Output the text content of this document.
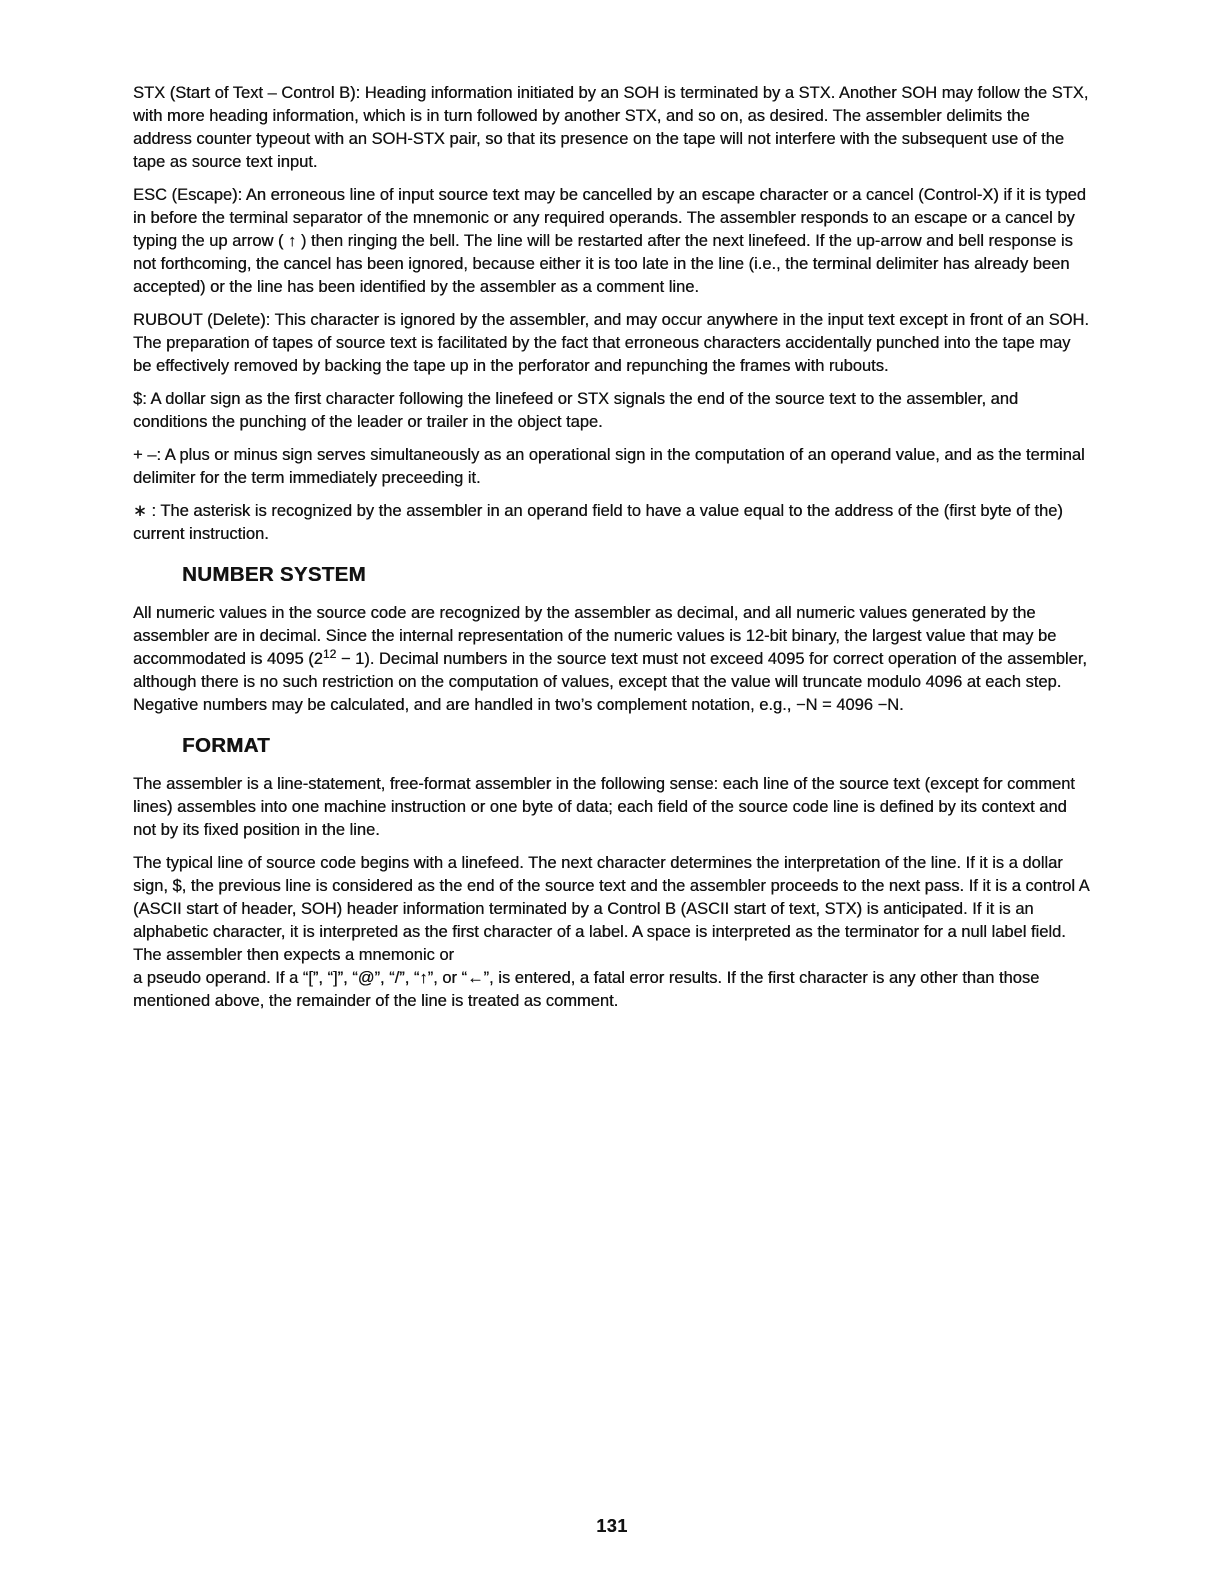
STX (Start of Text – Control B): Heading information initiated by an SOH is terminated by a STX. Another SOH may follow the STX, with more heading information, which is in turn followed by another STX, and so on, as desired. The assembler delimits the address counter typeout with an SOH-STX pair, so that its presence on the tape will not interfere with the subsequent use of the tape as source text input.

ESC (Escape): An erroneous line of input source text may be cancelled by an escape character or a cancel (Control-X) if it is typed in before the terminal separator of the mnemonic or any required operands. The assembler responds to an escape or a cancel by typing the up arrow ( ↑ ) then ringing the bell. The line will be restarted after the next linefeed. If the up-arrow and bell response is not forthcoming, the cancel has been ignored, because either it is too late in the line (i.e., the terminal delimiter has already been accepted) or the line has been identified by the assembler as a comment line.

RUBOUT (Delete): This character is ignored by the assembler, and may occur anywhere in the input text except in front of an SOH. The preparation of tapes of source text is facilitated by the fact that erroneous characters accidentally punched into the tape may be effectively removed by backing the tape up in the perforator and repunching the frames with rubouts.

$: A dollar sign as the first character following the linefeed or STX signals the end of the source text to the assembler, and conditions the punching of the leader or trailer in the object tape.

+ –: A plus or minus sign serves simultaneously as an operational sign in the computation of an operand value, and as the terminal delimiter for the term immediately preceeding it.

∗ : The asterisk is recognized by the assembler in an operand field to have a value equal to the address of the (first byte of the) current instruction.

NUMBER SYSTEM

All numeric values in the source code are recognized by the assembler as decimal, and all numeric values generated by the assembler are in decimal. Since the internal representation of the numeric values is 12-bit binary, the largest value that may be accommodated is 4095 $(2^{12} - 1)$. Decimal numbers in the source text must not exceed 4095 for correct operation of the assembler, although there is no such restriction on the computation of values, except that the value will truncate modulo 4096 at each step. Negative numbers may be calculated, and are handled in two’s complement notation, e.g., −N = 4096 −N.

FORMAT

The assembler is a line-statement, free-format assembler in the following sense: each line of the source text (except for comment lines) assembles into one machine instruction or one byte of data; each field of the source code line is defined by its context and not by its fixed position in the line.

The typical line of source code begins with a linefeed. The next character determines the interpretation of the line. If it is a dollar sign, $, the previous line is considered as the end of the source text and the assembler proceeds to the next pass. If it is a control A (ASCII start of header, SOH) header information terminated by a Control B (ASCII start of text, STX) is anticipated. If it is an alphabetic character, it is interpreted as the first character of a label. A space is interpreted as the terminator for a null label field. The assembler then expects a mnemonic or
a pseudo operand. If a “[”, “]”, “@”, “/”, “↑”, or “←”, is entered, a fatal error results. If the first character is any other than those mentioned above, the remainder of the line is treated as comment.

131
